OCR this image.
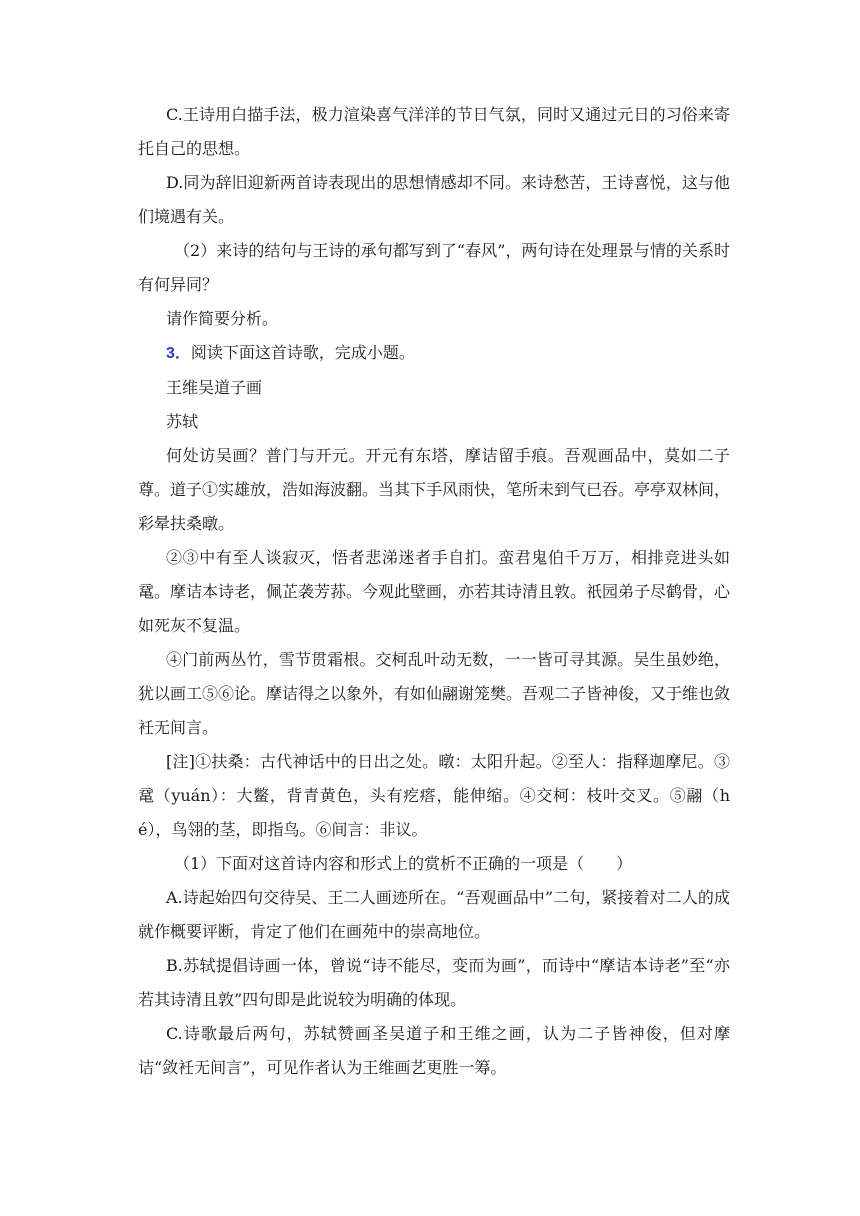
C.王诗用白描手法，极力渲染喜气洋洋的节日气氛，同时又通过元日的习俗来寄托自己的思想。

D.同为辞旧迎新两首诗表现出的思想情感却不同。来诗愁苦，王诗喜悦，这与他们境遇有关。

（2）来诗的结句与王诗的承句都写到了“春风”，两句诗在处理景与情的关系时有何异同？

请作简要分析。

3．阅读下面这首诗歌，完成小题。

王维吴道子画

苏轼

何处访吴画？普门与开元。开元有东塔，摩诘留手痕。吾观画品中，莫如二子尊。道子①实雄放，浩如海波翻。当其下手风雨快，笔所未到气已吞。亭亭双林间，彩晕扶桑暾。

②③中有至人谈寂灭，悟者悲涕迷者手自扪。蛮君鬼伯千万万，相排竞进头如鼋。摩诘本诗老，佩芷袭芳荪。今观此壁画，亦若其诗清且敦。祇园弟子尽鹤骨，心如死灰不复温。

④门前两丛竹，雪节贯霜根。交柯乱叶动无数，一一皆可寻其源。吴生虽妙绝，犹以画工⑤⑥论。摩诘得之以象外，有如仙翮谢笼樊。吾观二子皆神俊，又于维也敛衽无间言。

[注]①扶桑：古代神话中的日出之处。暾：太阳升起。②至人：指释迦摩尼。③鼋（yuán）：大鳖，背青黄色，头有疙瘩，能伸缩。④交柯：枝叶交叉。⑤翮（hé），鸟翎的茎，即指鸟。⑥间言：非议。

（1）下面对这首诗内容和形式上的赏析不正确的一项是（　　）

A.诗起始四句交待吴、王二人画迹所在。“吾观画品中”二句，紧接着对二人的成就作概要评断，肯定了他们在画苑中的崇高地位。

B.苏轼提倡诗画一体，曾说“诗不能尽，变而为画”，而诗中“摩诘本诗老”至“亦若其诗清且敦”四句即是此说较为明确的体现。

C.诗歌最后两句，苏轼赞画圣吴道子和王维之画，认为二子皆神俊，但对摩诘“敛衽无间言”，可见作者认为王维画艺更胜一筹。
